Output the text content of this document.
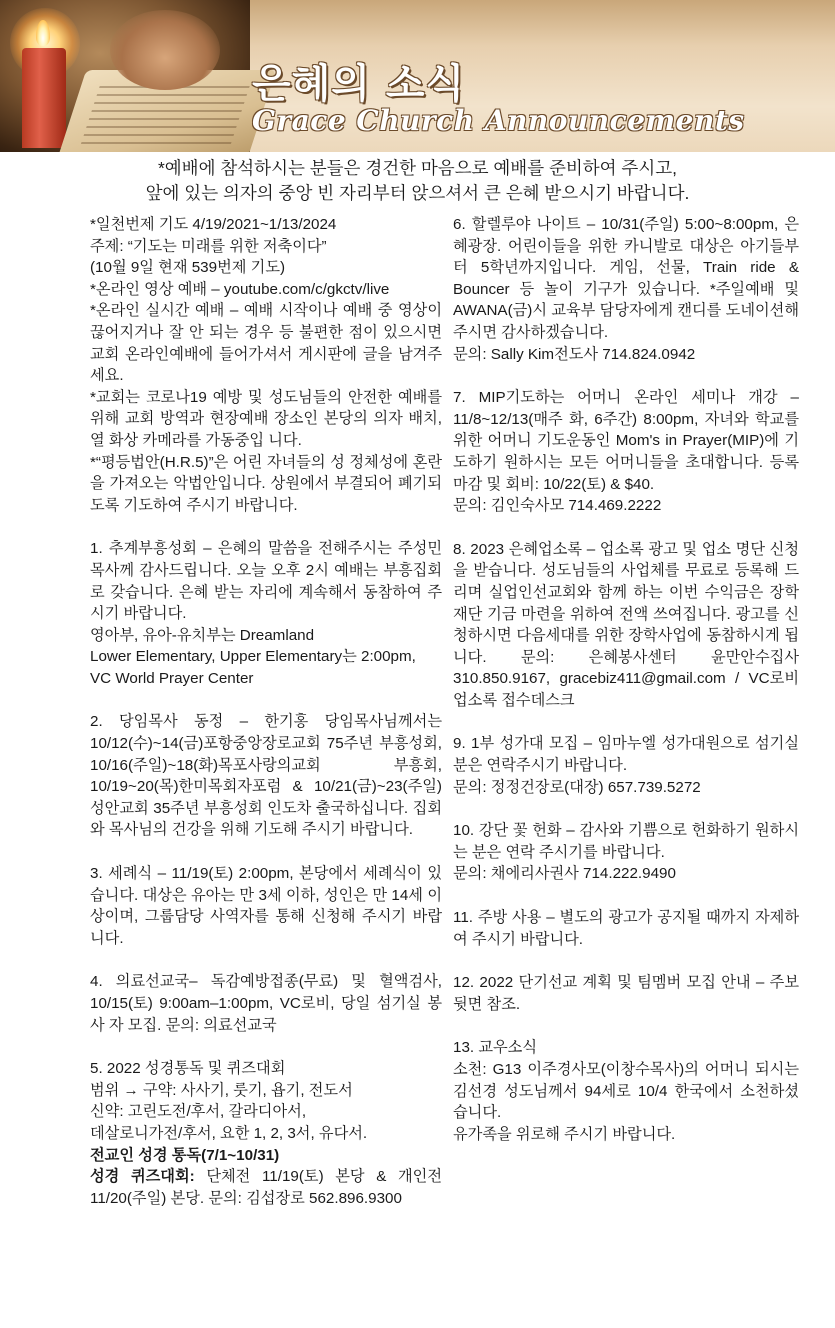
은혜의 소식
Grace Church Announcements
*예배에 참석하시는 분들은 경건한 마음으로 예배를 준비하여 주시고,
앞에 있는 의자의 중앙 빈 자리부터 앉으셔서 큰 은혜 받으시기 바랍니다.

*일천번제 기도 4/19/2021~1/13/2024

주제: “기도는 미래를 위한 저축이다”

(10월 9일 현재 539번제 기도)

*온라인 영상 예배 – youtube.com/c/gkctv/live

*온라인 실시간 예배 – 예배 시작이나 예배 중 영상이 끊어지거나 잘 안 되는 경우 등 불편한 점이 있으시면 교회 온라인예배에 들어가셔서 게시판에 글을 남겨주세요.

*교회는 코로나19 예방 및 성도님들의 안전한 예배를 위해 교회 방역과 현장예배 장소인 본당의 의자 배치, 열 화상 카메라를 가동중입 니다.

*“평등법안(H.R.5)”은 어린 자녀들의 성 정체성에 혼란을 가져오는 악법안입니다. 상원에서 부결되어 폐기되도록 기도하여 주시기 바랍니다.

1. 추계부흥성회 – 은혜의 말씀을 전해주시는 주성민목사께 감사드립니다. 오늘 오후 2시 예배는 부흥집회로 갖습니다. 은혜 받는 자리에 계속해서 동참하여 주시기 바랍니다.

영아부, 유아-유치부는 Dreamland

Lower Elementary, Upper Elementary는 2:00pm,

VC World Prayer Center

2. 당임목사 동정 – 한기홍 당임목사님께서는 10/12(수)~14(금)포항중앙장로교회 75주년 부흥성회, 10/16(주일)~18(화)목포사랑의교회 부흥회, 10/19~20(목)한미목회자포럼 & 10/21(금)~23(주일)성안교회 35주년 부흥성회 인도차 출국하십니다. 집회와 목사님의 건강을 위해 기도해 주시기 바랍니다.

3. 세례식 – 11/19(토) 2:00pm, 본당에서 세례식이 있습니다. 대상은 유아는 만 3세 이하, 성인은 만 14세 이상이며, 그룹담당 사역자를 통해 신청해 주시기 바랍니다.

4. 의료선교국– 독감예방접종(무료) 및 혈액검사, 10/15(토) 9:00am–1:00pm, VC로비, 당일 섬기실 봉사 자 모집. 문의: 의료선교국

5. 2022 성경통독 및 퀴즈대회

범위 → 구약: 사사기, 룻기, 욥기, 전도서

신약: 고린도전/후서, 갈라디아서,

데살로니가전/후서, 요한 1, 2, 3서, 유다서.

전교인 성경 통독(7/1~10/31)

성경 퀴즈대회: 단체전 11/19(토) 본당 & 개인전 11/20(주일) 본당. 문의: 김섭장로 562.896.9300

6. 할렐루야 나이트 – 10/31(주일) 5:00~8:00pm, 은혜광장. 어린이들을 위한 카니발로 대상은 아기들부터 5학년까지입니다. 게임, 선물, Train ride & Bouncer 등 놀이 기구가 있습니다. *주일예배 및 AWANA(금)시 교육부 담당자에게 캔디를 도네이션해주시면 감사하겠습니다.

문의: Sally Kim전도사 714.824.0942

7. MIP기도하는 어머니 온라인 세미나 개강 – 11/8~12/13(매주 화, 6주간) 8:00pm, 자녀와 학교를 위한 어머니 기도운동인 Mom's in Prayer(MIP)에 기도하기 원하시는 모든 어머니들을 초대합니다. 등록마감 및 회비: 10/22(토) & $40.

문의: 김인숙사모 714.469.2222

8. 2023 은혜업소록 – 업소록 광고 및 업소 명단 신청을 받습니다. 성도님들의 사업체를 무료로 등록해 드리며 실업인선교회와 함께 하는 이번 수익금은 장학재단 기금 마련을 위하여 전액 쓰여집니다. 광고를 신청하시면 다음세대를 위한 장학사업에 동참하시게 됩니다. 문의: 은혜봉사센터 윤만안수집사 310.850.9167, gracebiz411@gmail.com / VC로비 업소록 접수데스크

9. 1부 성가대 모집 – 임마누엘 성가대원으로 섬기실 분은 연락주시기 바랍니다.

문의: 정정건장로(대장) 657.739.5272

10. 강단 꽃 헌화 – 감사와 기쁨으로 헌화하기 원하시는 분은 연락 주시기를 바랍니다.

문의: 채에리사권사 714.222.9490

11. 주방 사용 – 별도의 광고가 공지될 때까지 자제하여 주시기 바랍니다.

12. 2022 단기선교 계획 및 팀멤버 모집 안내 – 주보 뒷면 참조.

13. 교우소식

소천: G13 이주경사모(이창수목사)의 어머니 되시는 김선경 성도님께서 94세로 10/4 한국에서 소천하셨습니다.

유가족을 위로해 주시기 바랍니다.
